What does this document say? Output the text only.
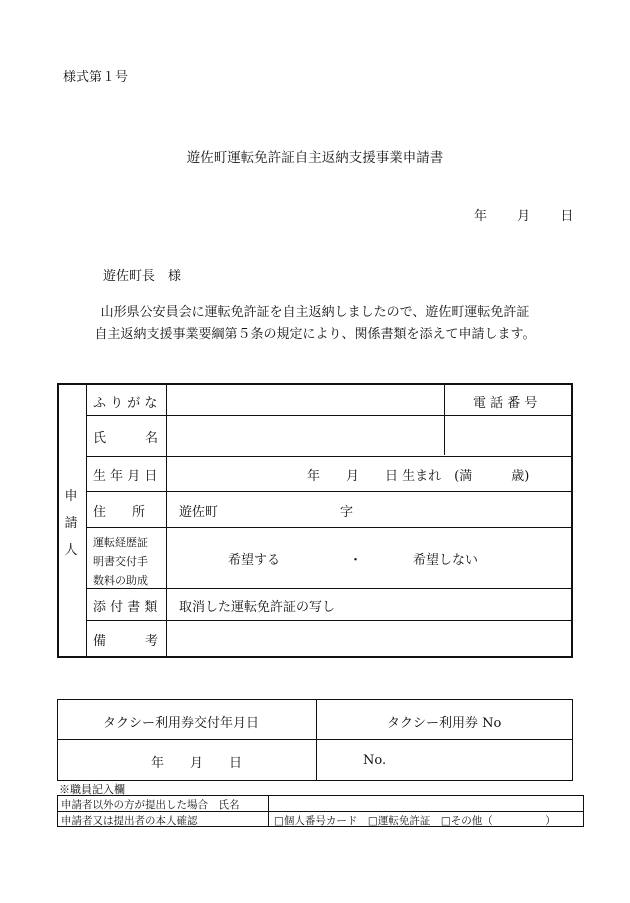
様式第１号
遊佐町運転免許証自主返納支援事業申請書
年 月 日
遊佐町長　様
山形県公安員会に運転免許証を自主返納しましたので、遊佐町運転免許証
自主返納支援事業要綱第５条の規定により、関係書類を添えて申請します。
申
請
人
ふ り が な	電 話 番 号
氏　　　名
生 年 月 日	年　　月　　日 生まれ　(満　　　歳)
住　　所	遊佐町	字
運転経歴証
明書交付手
数料の助成
希望する	・	希望しない
添 付 書 類 取消した運転免許証の写し
備　　　考
タクシー利用券交付年月日	タクシー利用券 No
年　　月　　日	No.
※職員記入欄
申請者以外の方が提出した場合　氏名
申請者又は提出者の本人確認	□個人番号カード　□運転免許証　□その他（　　　　　）
